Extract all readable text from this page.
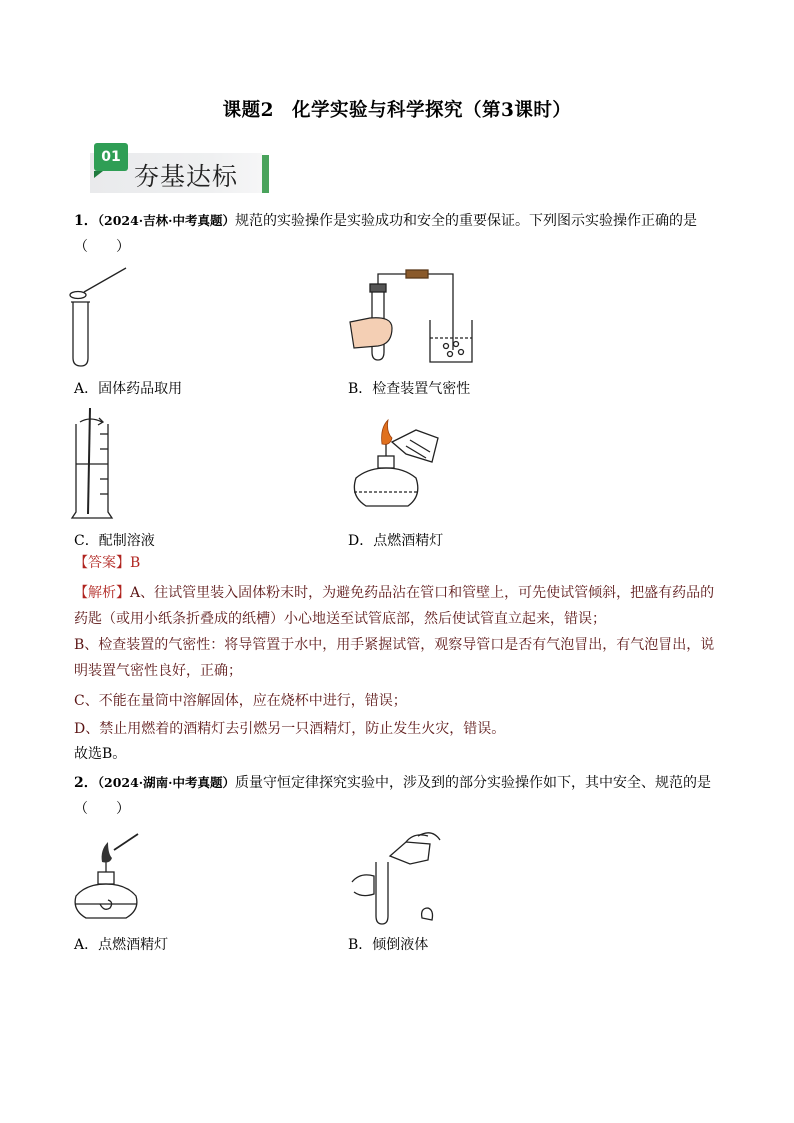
课题2 化学实验与科学探究（第3课时）
01
夯基达标
1．（2024·吉林·中考真题）规范的实验操作是实验成功和安全的重要保证。下列图示实验操作正确的是
（　　）
A．固体药品取用	B．检查装置气密性
C．配制溶液	D．点燃酒精灯
【答案】B
【解析】A、往试管里装入固体粉末时，为避免药品沾在管口和管壁上，可先使试管倾斜，把盛有药品的药匙（或用小纸条折叠成的纸槽）小心地送至试管底部，然后使试管直立起来，错误；
B、检查装置的气密性：将导管置于水中，用手紧握试管，观察导管口是否有气泡冒出，有气泡冒出，说明装置气密性良好，正确；
C、不能在量筒中溶解固体，应在烧杯中进行，错误；
D、禁止用燃着的酒精灯去引燃另一只酒精灯，防止发生火灾，错误。
故选B。
2．（2024·湖南·中考真题）质量守恒定律探究实验中，涉及到的部分实验操作如下，其中安全、规范的是
（　　）
A．点燃酒精灯	B．倾倒液体
